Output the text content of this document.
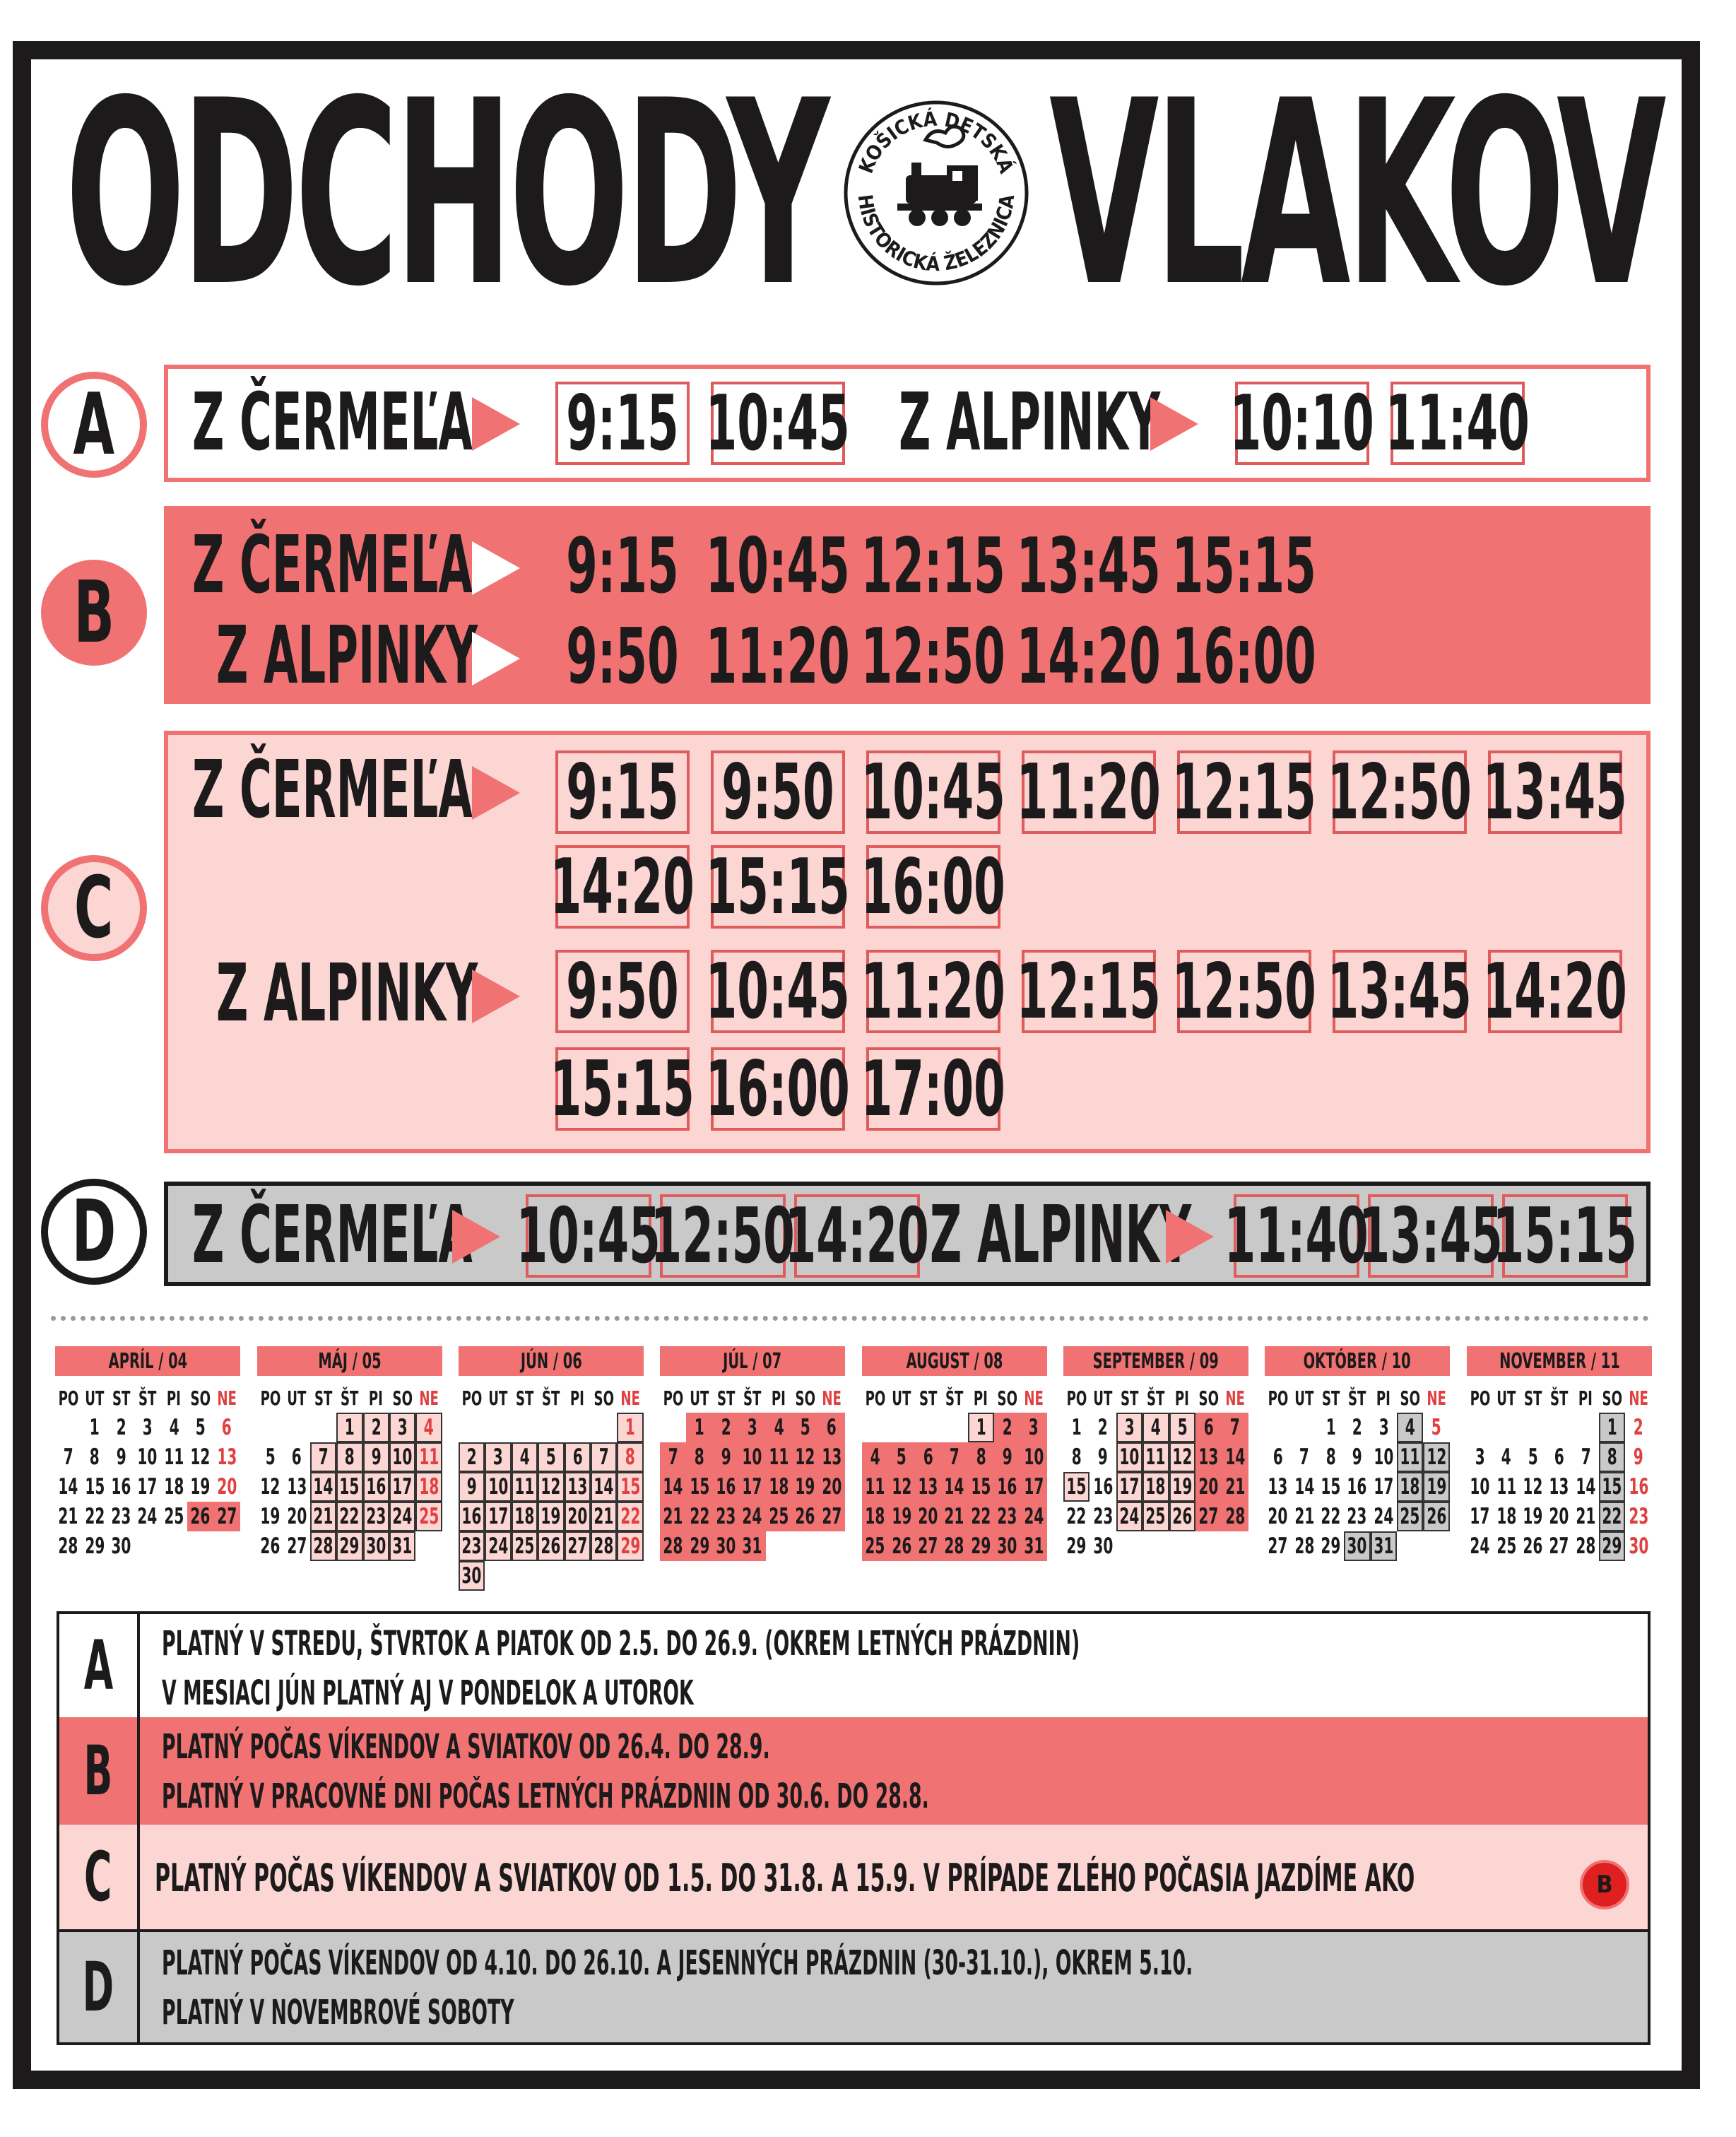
ODCHODY VLAKOV
KOŠICKÁ DETSKÁ
HISTORICKÁ ŽELEZNICA
A Z ČERMEĽA 9:15 10:45 Z ALPINKY 10:10 11:40
B Z ČERMEĽA
Z ALPINKY
9:15 10:45 12:15 13:45 15:15
9:50 11:20 12:50 14:20 16:00
C
Z ČERMEĽA
Z ALPINKY
9:15 9:50 10:45 11:20 12:15 12:50 13:45
14:20 15:15 16:00
9:50 10:45 11:20 12:15 12:50 13:45 14:20
15:15 16:00 17:00
D Z ČERMEĽA 10:45
12:50
14:20 Z ALPINKY 11:40
13:45
15:15
APRÍL / 04
PO UT ST ŠT PI SO NE
1 2 3 4 5 6
7 8 9 10 11 12 13
14 15 16 17 18 19 20
21 22 23 24 25 26 27
28 29 30
MÁJ / 05
PO UT ST ŠT PI SO NE
1 2 3 4
5 6 7 8 9 10 11
12 13 14 15 16 17 18
19 20 21 22 23 24 25
26 27 28 29 30 31
JÚN / 06
PO UT ST ŠT PI SO NE
1
2 3 4 5 6 7 8
9 10 11 12 13 14 15
16 17 18 19 20 21 22
23 24 25 26 27 28 29
30
JÚL / 07
PO UT ST ŠT PI SO NE
1 2 3 4 5 6
7 8 9 10 11 12 13
14 15 16 17 18 19 20
21 22 23 24 25 26 27
28 29 30 31
AUGUST / 08
PO UT ST ŠT PI SO NE
1 2 3
4 5 6 7 8 9 10
11 12 13 14 15 16 17
18 19 20 21 22 23 24
25 26 27 28 29 30 31
SEPTEMBER / 09
PO UT ST ŠT PI SO NE
1 2 3 4 5 6 7
8 9 10 11 12 13 14
15 16 17 18 19 20 21
22 23 24 25 26 27 28
29 30
OKTÓBER / 10
PO UT ST ŠT PI SO NE
1 2 3 4 5
6 7 8 9 10 11 12
13 14 15 16 17 18 19
20 21 22 23 24 25 26
27 28 29 30 31
NOVEMBER / 11
PO UT ST ŠT PI SO NE
1 2
3 4 5 6 7 8 9
10 11 12 13 14 15 16
17 18 19 20 21 22 23
24 25 26 27 28 29 30
A PLATNÝ V STREDU, ŠTVRTOK A PIATOK OD 2.5. DO 26.9. (OKREM LETNÝCH PRÁZDNIN)
V MESIACI JÚN PLATNÝ AJ V PONDELOK A UTOROK
B PLATNÝ POČAS VÍKENDOV A SVIATKOV OD 26.4. DO 28.9.
PLATNÝ V PRACOVNÉ DNI POČAS LETNÝCH PRÁZDNIN OD 30.6. DO 28.8.
C PLATNÝ POČAS VÍKENDOV A SVIATKOV OD 1.5. DO 31.8. A 15.9. V PRÍPADE ZLÉHO POČASIA JAZDÍME AKO	B
D PLATNÝ POČAS VÍKENDOV OD 4.10. DO 26.10. A JESENNÝCH PRÁZDNIN (30-31.10.), OKREM 5.10.
PLATNÝ V NOVEMBROVÉ SOBOTY
